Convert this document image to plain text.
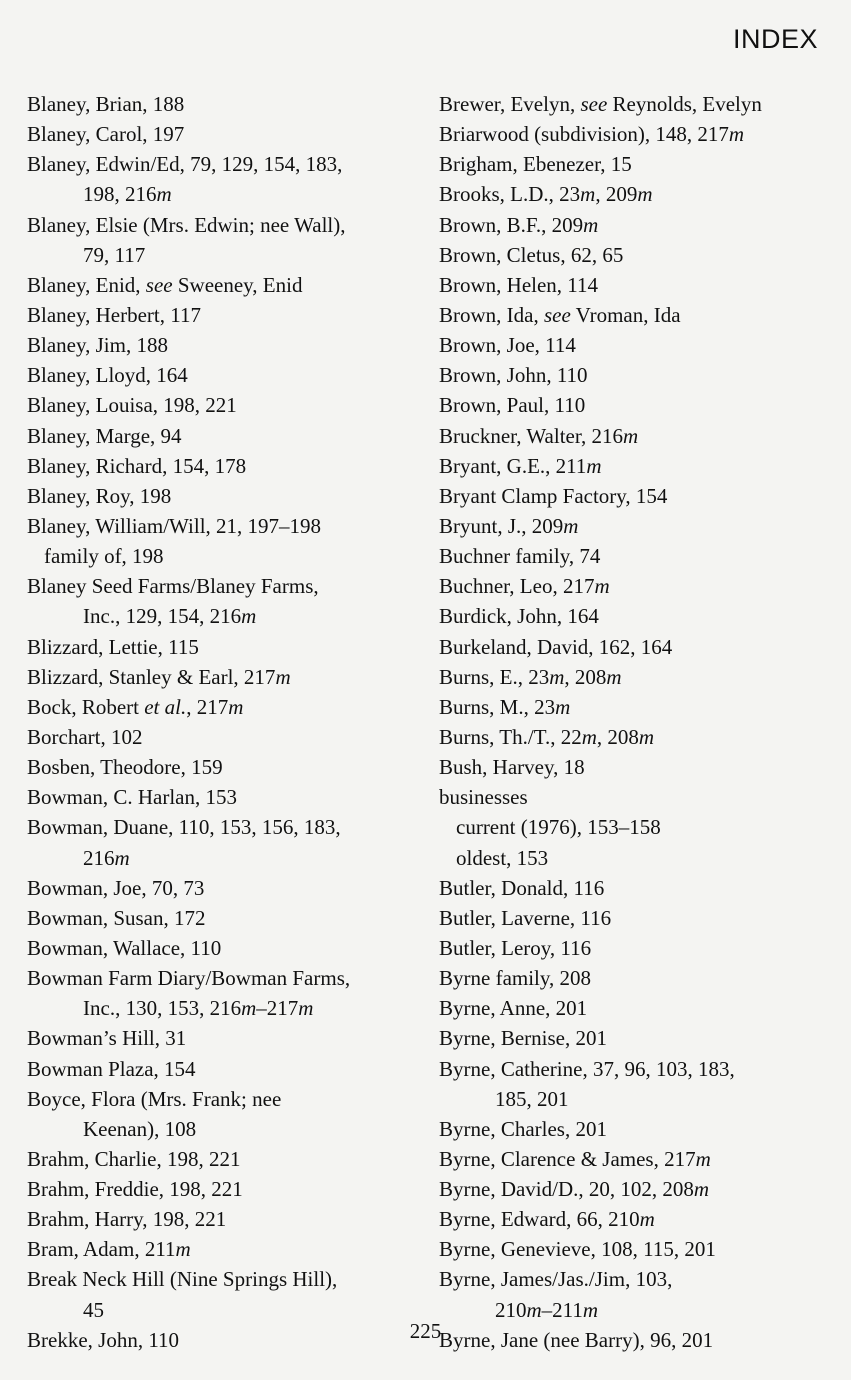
INDEX
Blaney, Brian, 188
Blaney, Carol, 197
Blaney, Edwin/Ed, 79, 129, 154, 183,
198, 216m
Blaney, Elsie (Mrs. Edwin; nee Wall),
79, 117
Blaney, Enid, see Sweeney, Enid
Blaney, Herbert, 117
Blaney, Jim, 188
Blaney, Lloyd, 164
Blaney, Louisa, 198, 221
Blaney, Marge, 94
Blaney, Richard, 154, 178
Blaney, Roy, 198
Blaney, William/Will, 21, 197–198
family of, 198
Blaney Seed Farms/Blaney Farms,
Inc., 129, 154, 216m
Blizzard, Lettie, 115
Blizzard, Stanley & Earl, 217m
Bock, Robert et al., 217m
Borchart, 102
Bosben, Theodore, 159
Bowman, C. Harlan, 153
Bowman, Duane, 110, 153, 156, 183,
216m
Bowman, Joe, 70, 73
Bowman, Susan, 172
Bowman, Wallace, 110
Bowman Farm Diary/Bowman Farms,
Inc., 130, 153, 216m–217m
Bowman’s Hill, 31
Bowman Plaza, 154
Boyce, Flora (Mrs. Frank; nee
Keenan), 108
Brahm, Charlie, 198, 221
Brahm, Freddie, 198, 221
Brahm, Harry, 198, 221
Bram, Adam, 211m
Break Neck Hill (Nine Springs Hill),
45
Brekke, John, 110
Brewer, Evelyn, see Reynolds, Evelyn
Briarwood (subdivision), 148, 217m
Brigham, Ebenezer, 15
Brooks, L.D., 23m, 209m
Brown, B.F., 209m
Brown, Cletus, 62, 65
Brown, Helen, 114
Brown, Ida, see Vroman, Ida
Brown, Joe, 114
Brown, John, 110
Brown, Paul, 110
Bruckner, Walter, 216m
Bryant, G.E., 211m
Bryant Clamp Factory, 154
Bryunt, J., 209m
Buchner family, 74
Buchner, Leo, 217m
Burdick, John, 164
Burkeland, David, 162, 164
Burns, E., 23m, 208m
Burns, M., 23m
Burns, Th./T., 22m, 208m
Bush, Harvey, 18
businesses
current (1976), 153–158
oldest, 153
Butler, Donald, 116
Butler, Laverne, 116
Butler, Leroy, 116
Byrne family, 208
Byrne, Anne, 201
Byrne, Bernise, 201
Byrne, Catherine, 37, 96, 103, 183,
185, 201
Byrne, Charles, 201
Byrne, Clarence & James, 217m
Byrne, David/D., 20, 102, 208m
Byrne, Edward, 66, 210m
Byrne, Genevieve, 108, 115, 201
Byrne, James/Jas./Jim, 103,
210m–211m
Byrne, Jane (nee Barry), 96, 201
225
